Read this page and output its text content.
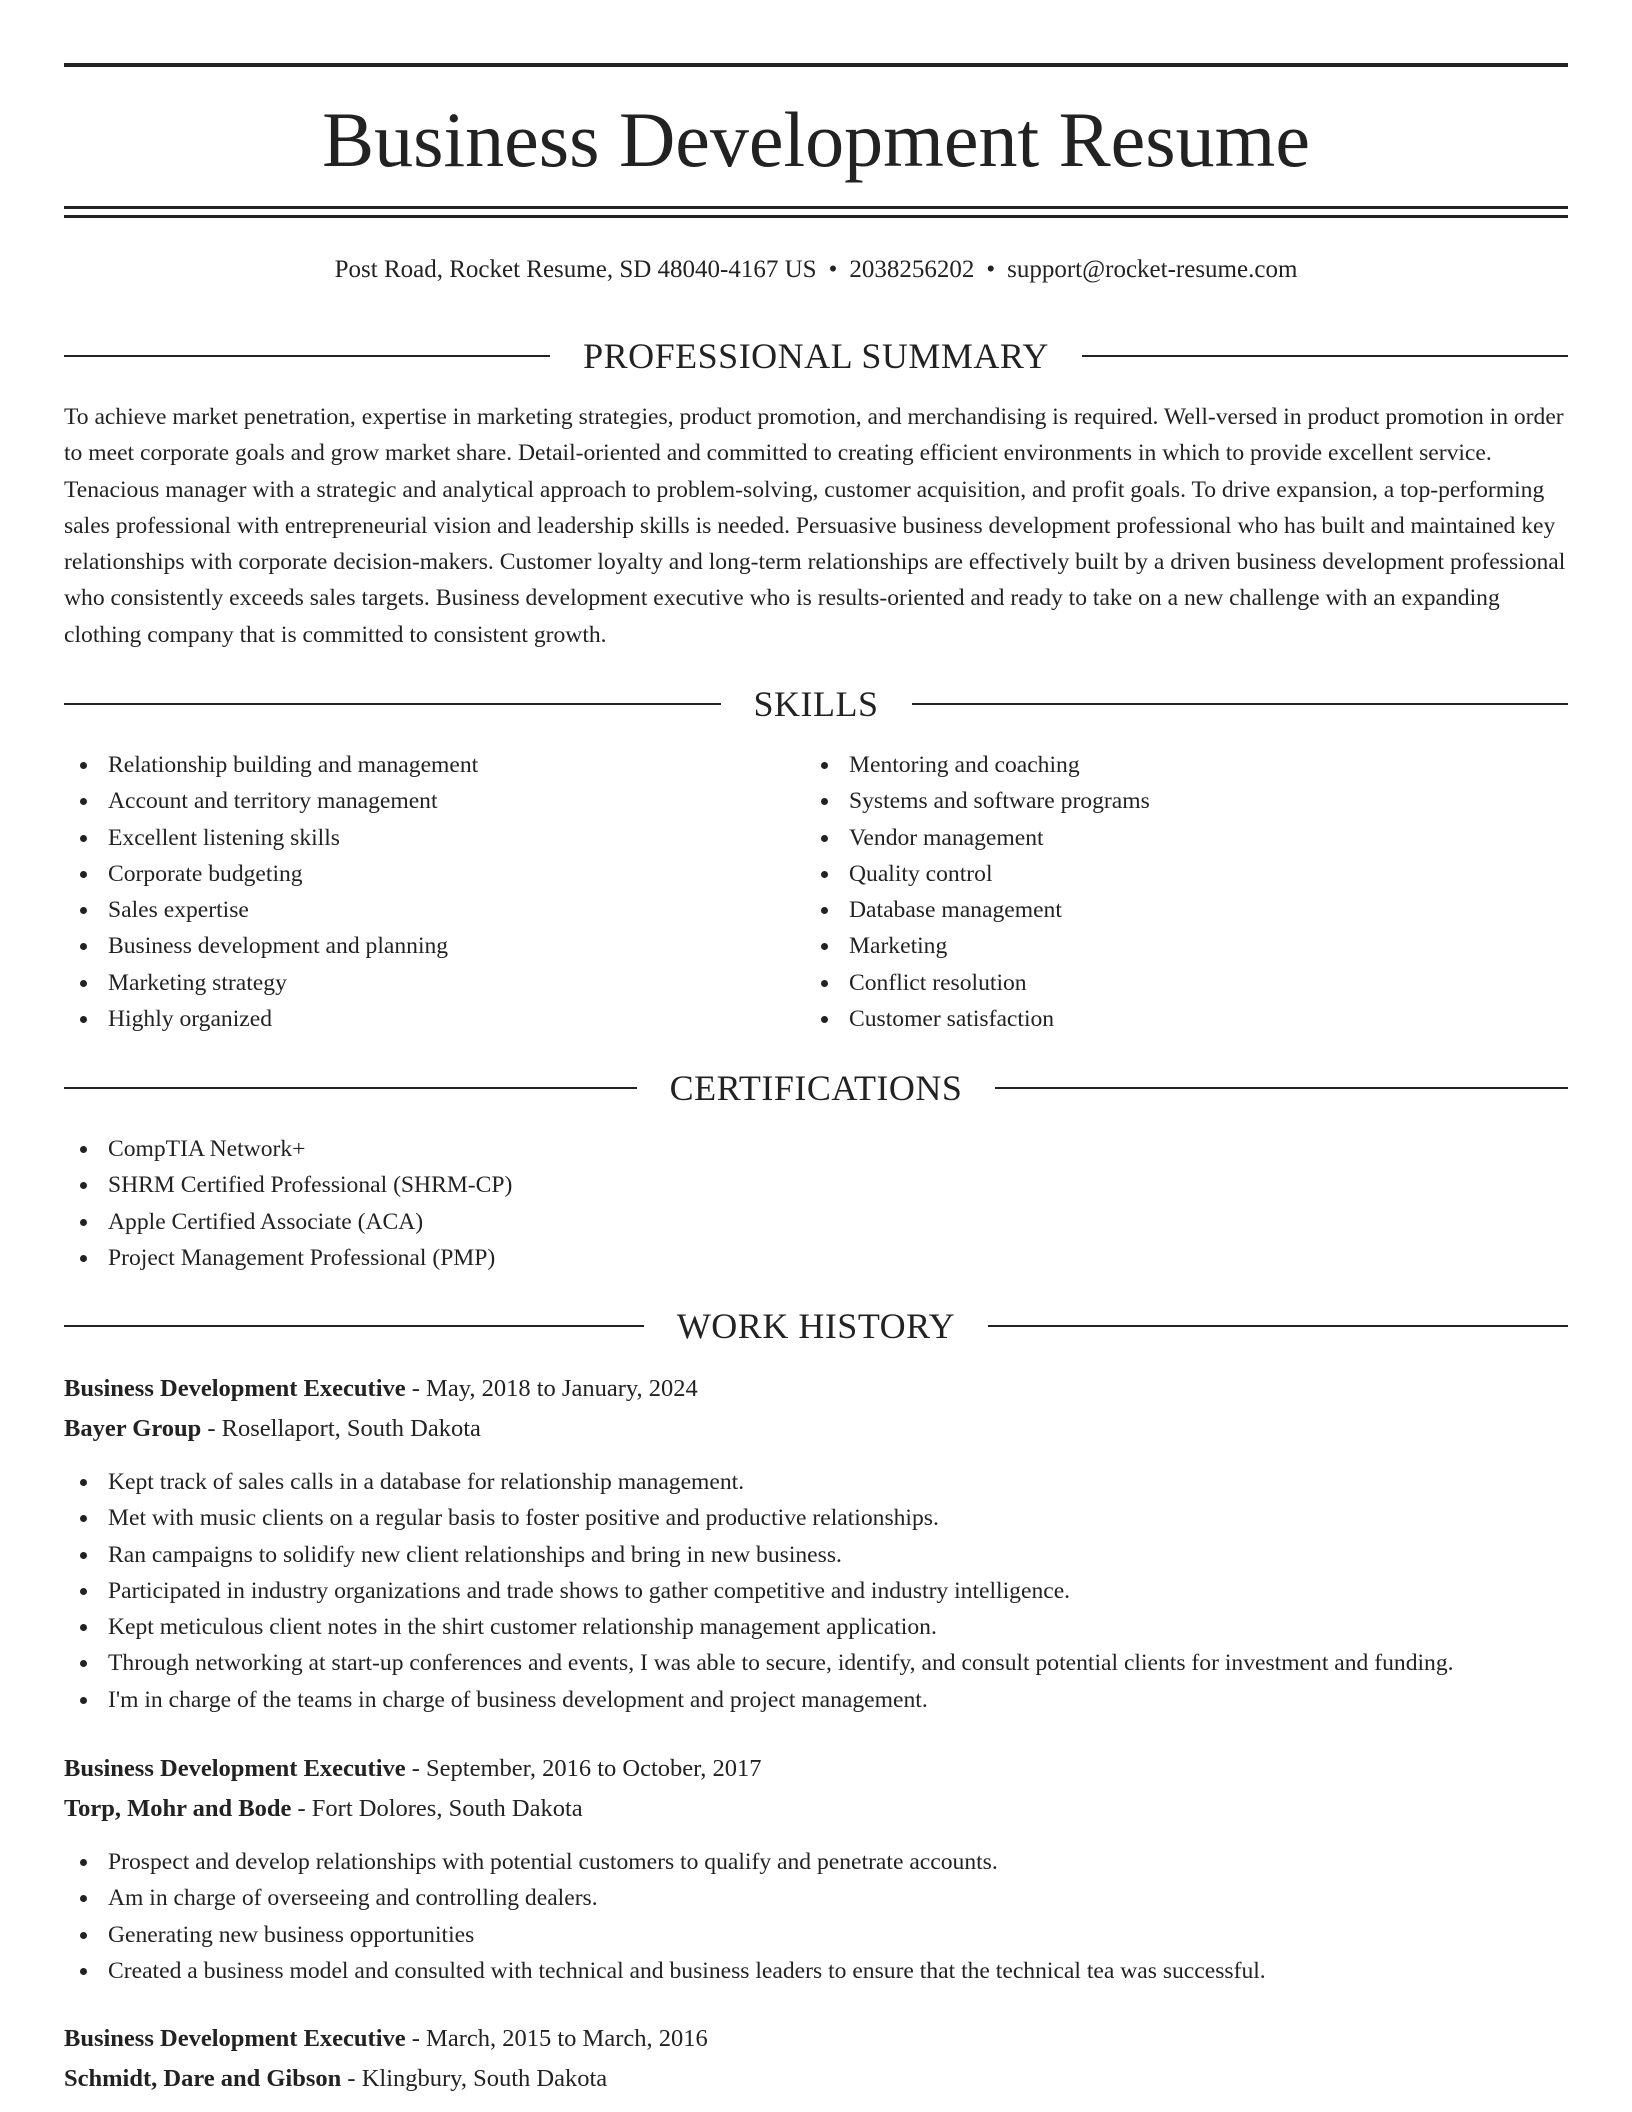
Business Development Resume
Post Road, Rocket Resume, SD 48040-4167 US • 2038256202 • support@rocket-resume.com
PROFESSIONAL SUMMARY

To achieve market penetration, expertise in marketing strategies, product promotion, and merchandising is required. Well-versed in product promotion in order to meet corporate goals and grow market share. Detail-oriented and committed to creating efficient environments in which to provide excellent service. Tenacious manager with a strategic and analytical approach to problem-solving, customer acquisition, and profit goals. To drive expansion, a top-performing sales professional with entrepreneurial vision and leadership skills is needed. Persuasive business development professional who has built and maintained key relationships with corporate decision-makers. Customer loyalty and long-term relationships are effectively built by a driven business development professional who consistently exceeds sales targets. Business development executive who is results-oriented and ready to take on a new challenge with an expanding clothing company that is committed to consistent growth.

SKILLS
Relationship building and management
Account and territory management
Excellent listening skills
Corporate budgeting
Sales expertise
Business development and planning
Marketing strategy
Highly organized
Mentoring and coaching
Systems and software programs
Vendor management
Quality control
Database management
Marketing
Conflict resolution
Customer satisfaction
CERTIFICATIONS
CompTIA Network+
SHRM Certified Professional (SHRM-CP)
Apple Certified Associate (ACA)
Project Management Professional (PMP)
WORK HISTORY
Business Development Executive - May, 2018 to January, 2024
Bayer Group - Rosellaport, South Dakota
Kept track of sales calls in a database for relationship management.
Met with music clients on a regular basis to foster positive and productive relationships.
Ran campaigns to solidify new client relationships and bring in new business.
Participated in industry organizations and trade shows to gather competitive and industry intelligence.
Kept meticulous client notes in the shirt customer relationship management application.
Through networking at start-up conferences and events, I was able to secure, identify, and consult potential clients for investment and funding.
I'm in charge of the teams in charge of business development and project management.
Business Development Executive - September, 2016 to October, 2017
Torp, Mohr and Bode - Fort Dolores, South Dakota
Prospect and develop relationships with potential customers to qualify and penetrate accounts.
Am in charge of overseeing and controlling dealers.
Generating new business opportunities
Created a business model and consulted with technical and business leaders to ensure that the technical tea was successful.
Business Development Executive - March, 2015 to March, 2016
Schmidt, Dare and Gibson - Klingbury, South Dakota
